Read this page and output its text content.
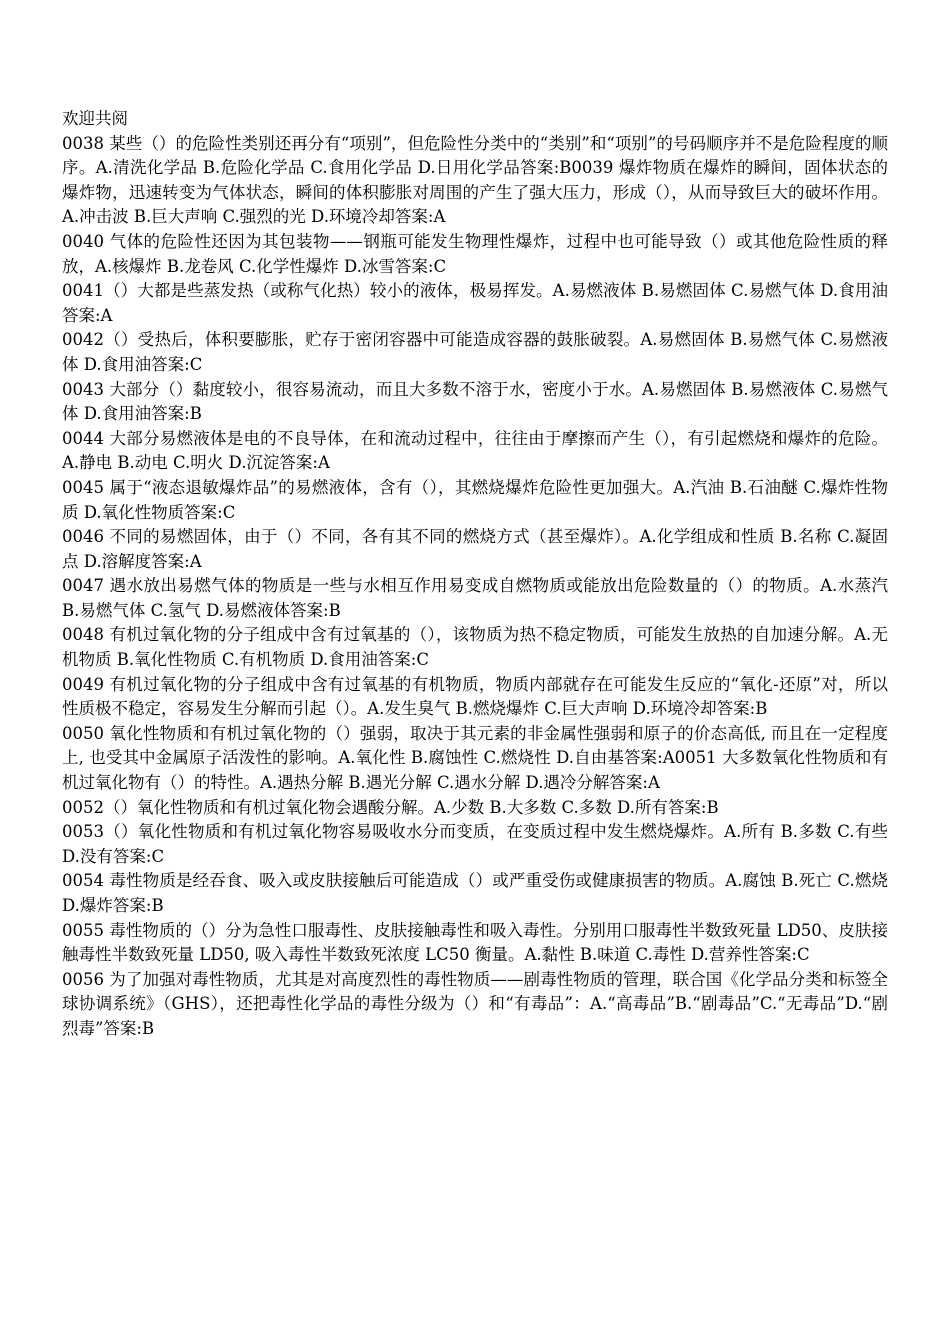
欢迎共阅

0038 某些（）的危险性类别还再分有“项别”，但危险性分类中的“类别”和“项别”的号码顺序并不是危险程度的顺序。A.清洗化学品 B.危险化学品 C.食用化学品 D.日用化学品答案:B0039 爆炸物质在爆炸的瞬间，固体状态的爆炸物，迅速转变为气体状态，瞬间的体积膨胀对周围的产生了强大压力，形成（），从而导致巨大的破坏作用。A.冲击波 B.巨大声响 C.强烈的光 D.环境冷却答案:A

0040 气体的危险性还因为其包装物——钢瓶可能发生物理性爆炸，过程中也可能导致（）或其他危险性质的释放，A.核爆炸 B.龙卷风 C.化学性爆炸 D.冰雪答案:C

0041（）大都是些蒸发热（或称气化热）较小的液体，极易挥发。A.易燃液体 B.易燃固体 C.易燃气体 D.食用油答案:A

0042（）受热后，体积要膨胀，贮存于密闭容器中可能造成容器的鼓胀破裂。A.易燃固体 B.易燃气体 C.易燃液体 D.食用油答案:C

0043 大部分（）黏度较小，很容易流动，而且大多数不溶于水，密度小于水。A.易燃固体 B.易燃液体 C.易燃气体 D.食用油答案:B

0044 大部分易燃液体是电的不良导体，在和流动过程中，往往由于摩擦而产生（），有引起燃烧和爆炸的危险。A.静电 B.动电 C.明火 D.沉淀答案:A

0045 属于“液态退敏爆炸品”的易燃液体，含有（），其燃烧爆炸危险性更加强大。A.汽油 B.石油醚 C.爆炸性物质 D.氧化性物质答案:C

0046 不同的易燃固体，由于（）不同，各有其不同的燃烧方式（甚至爆炸）。A.化学组成和性质 B.名称 C.凝固点 D.溶解度答案:A

0047 遇水放出易燃气体的物质是一些与水相互作用易变成自燃物质或能放出危险数量的（）的物质。A.水蒸汽 B.易燃气体 C.氢气 D.易燃液体答案:B

0048 有机过氧化物的分子组成中含有过氧基的（），该物质为热不稳定物质，可能发生放热的自加速分解。A.无机物质 B.氧化性物质 C.有机物质 D.食用油答案:C

0049 有机过氧化物的分子组成中含有过氧基的有机物质，物质内部就存在可能发生反应的“氧化-还原”对，所以性质极不稳定，容易发生分解而引起（）。A.发生臭气 B.燃烧爆炸 C.巨大声响 D.环境冷却答案:B

0050 氧化性物质和有机过氧化物的（）强弱，取决于其元素的非金属性强弱和原子的价态高低, 而且在一定程度上, 也受其中金属原子活泼性的影响。A.氧化性 B.腐蚀性 C.燃烧性 D.自由基答案:A0051 大多数氧化性物质和有机过氧化物有（）的特性。A.遇热分解 B.遇光分解 C.遇水分解 D.遇冷分解答案:A

0052（）氧化性物质和有机过氧化物会遇酸分解。A.少数 B.大多数 C.多数 D.所有答案:B

0053（）氧化性物质和有机过氧化物容易吸收水分而变质，在变质过程中发生燃烧爆炸。A.所有 B.多数 C.有些 D.没有答案:C

0054 毒性物质是经吞食、吸入或皮肤接触后可能造成（）或严重受伤或健康损害的物质。A.腐蚀 B.死亡 C.燃烧 D.爆炸答案:B

0055 毒性物质的（）分为急性口服毒性、皮肤接触毒性和吸入毒性。分别用口服毒性半数致死量 LD50、皮肤接触毒性半数致死量 LD50, 吸入毒性半数致死浓度 LC50 衡量。A.黏性 B.味道 C.毒性 D.营养性答案:C

0056 为了加强对毒性物质，尤其是对高度烈性的毒性物质——剧毒性物质的管理，联合国《化学品分类和标签全球协调系统》（GHS），还把毒性化学品的毒性分级为（）和“有毒品”：A.“高毒品”B.“剧毒品”C.“无毒品”D.“剧烈毒”答案:B
